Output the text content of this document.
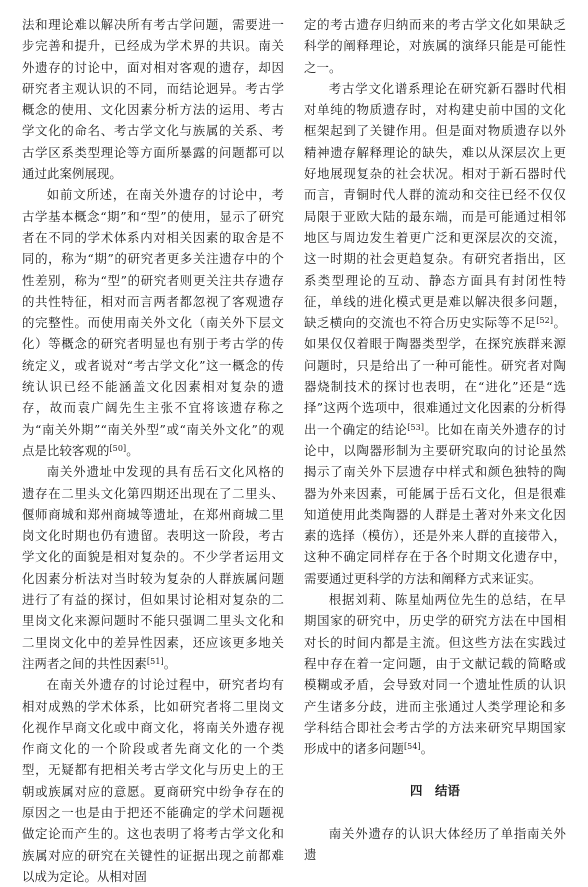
法和理论难以解决所有考古学问题，需要进一步完善和提升，已经成为学术界的共识。南关外遗存的讨论中，面对相对客观的遗存，却因研究者主观认识的不同，而结论迥异。考古学概念的使用、文化因素分析方法的运用、考古学文化的命名、考古学文化与族属的关系、考古学区系类型理论等方面所暴露的问题都可以通过此案例展现。

如前文所述，在南关外遗存的讨论中，考古学基本概念“期”和“型”的使用，显示了研究者在不同的学术体系内对相关因素的取舍是不同的，称为“期”的研究者更多关注遗存中的个性差别，称为“型”的研究者则更关注共存遗存的共性特征，相对而言两者都忽视了客观遗存的完整性。而使用南关外文化（南关外下层文化）等概念的研究者明显也有别于考古学的传统定义，或者说对“考古学文化”这一概念的传统认识已经不能涵盖文化因素相对复杂的遗存，故而袁广阔先生主张不宜将该遗存称之为“南关外期”“南关外型”或“南关外文化”的观点是比较客观的[50]。

南关外遗址中发现的具有岳石文化风格的遗存在二里头文化第四期还出现在了二里头、偃师商城和郑州商城等遗址，在郑州商城二里岗文化时期也仍有遗留。表明这一阶段，考古学文化的面貌是相对复杂的。不少学者运用文化因素分析法对当时较为复杂的人群族属问题进行了有益的探讨，但如果讨论相对复杂的二里岗文化来源问题时不能只强调二里头文化和二里岗文化中的差异性因素，还应该更多地关注两者之间的共性因素[51]。

在南关外遗存的讨论过程中，研究者均有相对成熟的学术体系，比如研究者将二里岗文化视作早商文化或中商文化，将南关外遗存视作商文化的一个阶段或者先商文化的一个类型，无疑都有把相关考古学文化与历史上的王朝或族属对应的意愿。夏商研究中纷争存在的原因之一也是由于把还不能确定的学术问题视做定论而产生的。这也表明了将考古学文化和族属对应的研究在关键性的证据出现之前都难以成为定论。从相对固

定的考古遗存归纳而来的考古学文化如果缺乏科学的阐释理论，对族属的演绎只能是可能性之一。

考古学文化谱系理论在研究新石器时代相对单纯的物质遗存时，对构建史前中国的文化框架起到了关键作用。但是面对物质遗存以外精神遗存解释理论的缺失，难以从深层次上更好地展现复杂的社会状况。相对于新石器时代而言，青铜时代人群的流动和交往已经不仅仅局限于亚欧大陆的最东端，而是可能通过相邻地区与周边发生着更广泛和更深层次的交流，这一时期的社会更趋复杂。有研究者指出，区系类型理论的互动、静态方面具有封闭性特征，单线的进化模式更是难以解决很多问题，缺乏横向的交流也不符合历史实际等不足[52]。如果仅仅着眼于陶器类型学，在探究族群来源问题时，只是给出了一种可能性。研究者对陶器烧制技术的探讨也表明，在“进化”还是“选择”这两个选项中，很难通过文化因素的分析得出一个确定的结论[53]。比如在南关外遗存的讨论中，以陶器形制为主要研究取向的讨论虽然揭示了南关外下层遗存中样式和颜色独特的陶器为外来因素，可能属于岳石文化，但是很难知道使用此类陶器的人群是土著对外来文化因素的选择（模仿），还是外来人群的直接带入，这种不确定同样存在于各个时期文化遗存中，需要通过更科学的方法和阐释方式来证实。

根据刘莉、陈星灿两位先生的总结，在早期国家的研究中，历史学的研究方法在中国相对长的时间内都是主流。但这些方法在实践过程中存在着一定问题，由于文献记载的简略或模糊或矛盾，会导致对同一个遗址性质的认识产生诸多分歧，进而主张通过人类学理论和多学科结合即社会考古学的方法来研究早期国家形成中的诸多问题[54]。

四　结语

南关外遗存的认识大体经历了单指南关外遗
